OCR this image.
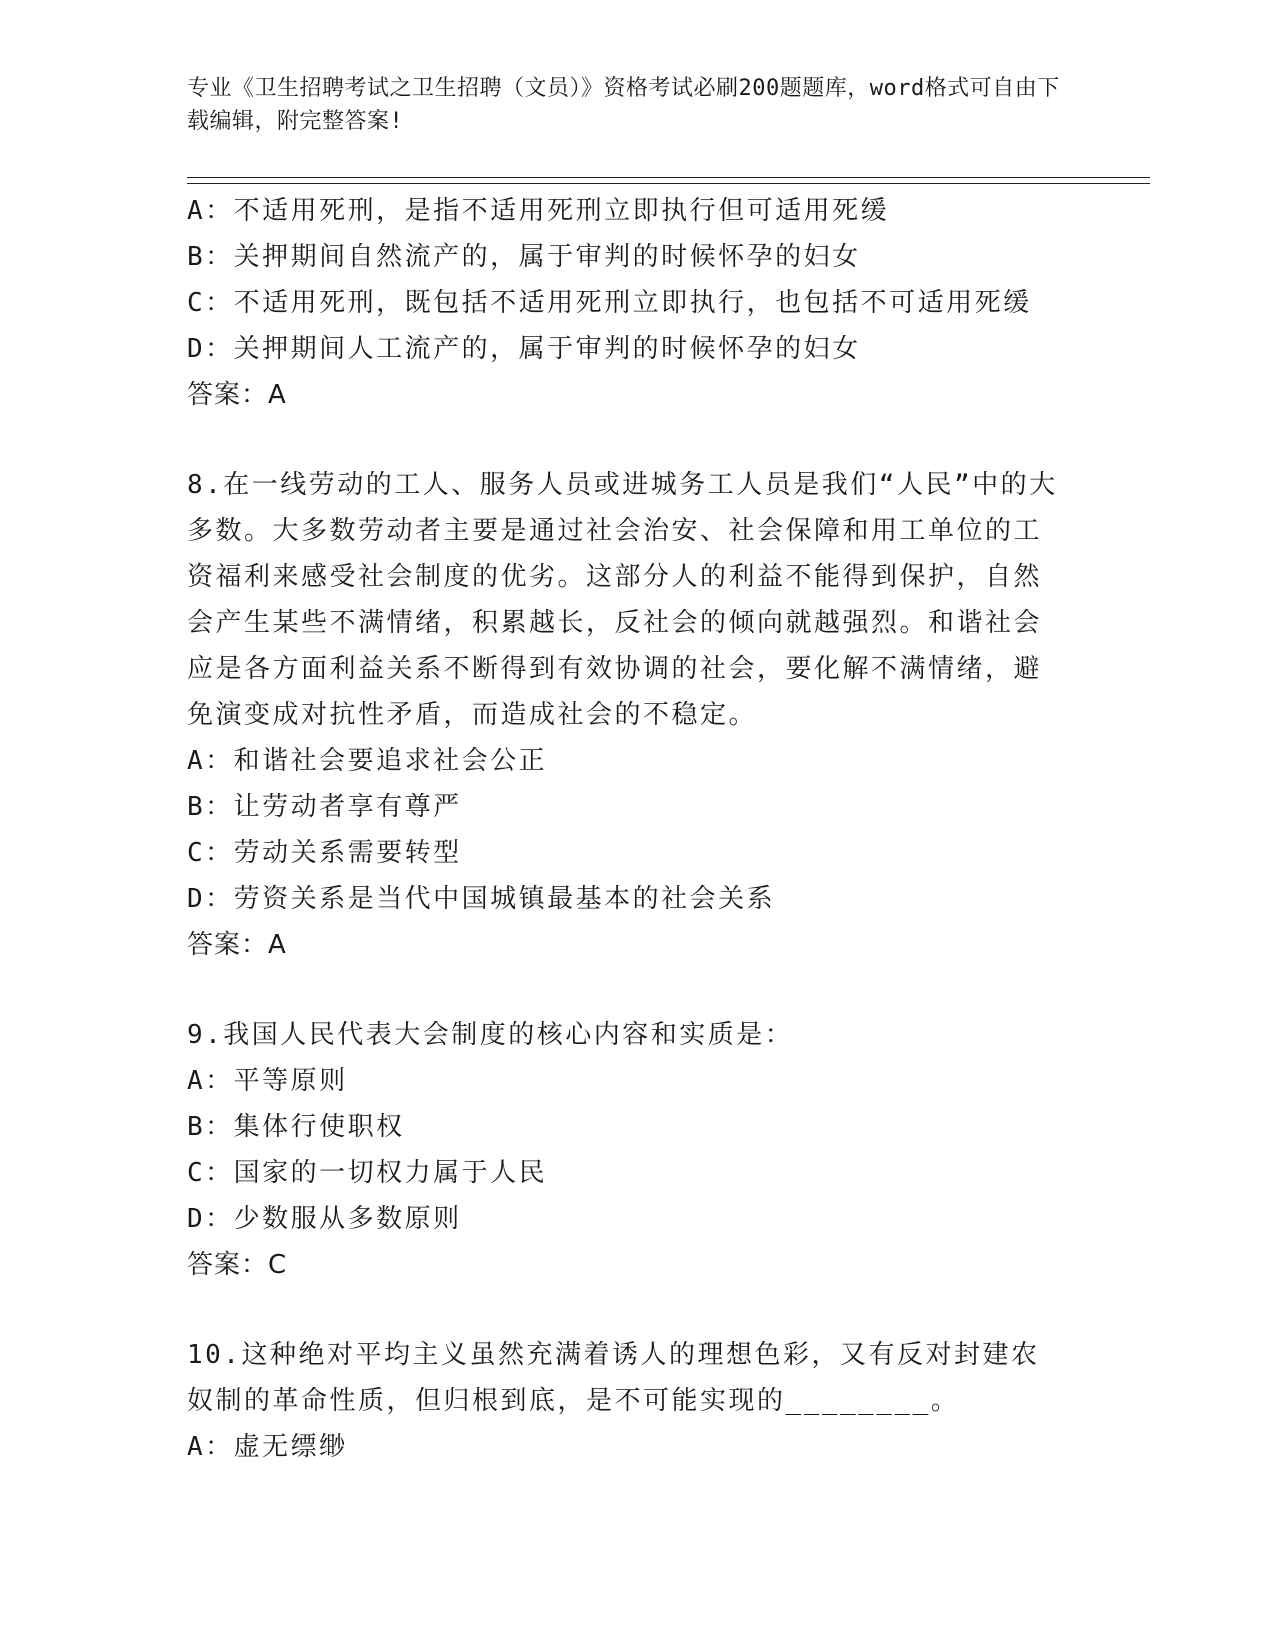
专业《卫生招聘考试之卫生招聘（文员）》资格考试必刷200题题库，word格式可自由下载编辑，附完整答案!
A：不适用死刑，是指不适用死刑立即执行但可适用死缓
B：关押期间自然流产的，属于审判的时候怀孕的妇女
C：不适用死刑，既包括不适用死刑立即执行，也包括不可适用死缓
D：关押期间人工流产的，属于审判的时候怀孕的妇女
答案：A
8.在一线劳动的工人、服务人员或进城务工人员是我们“人民”中的大多数。大多数劳动者主要是通过社会治安、社会保障和用工单位的工资福利来感受社会制度的优劣。这部分人的利益不能得到保护，自然会产生某些不满情绪，积累越长，反社会的倾向就越强烈。和谐社会应是各方面利益关系不断得到有效协调的社会，要化解不满情绪，避免演变成对抗性矛盾，而造成社会的不稳定。
A：和谐社会要追求社会公正
B：让劳动者享有尊严
C：劳动关系需要转型
D：劳资关系是当代中国城镇最基本的社会关系
答案：A
9.我国人民代表大会制度的核心内容和实质是：
A：平等原则
B：集体行使职权
C：国家的一切权力属于人民
D：少数服从多数原则
答案：C
10.这种绝对平均主义虽然充满着诱人的理想色彩，又有反对封建农奴制的革命性质，但归根到底，是不可能实现的________。
A：虚无缥缈
